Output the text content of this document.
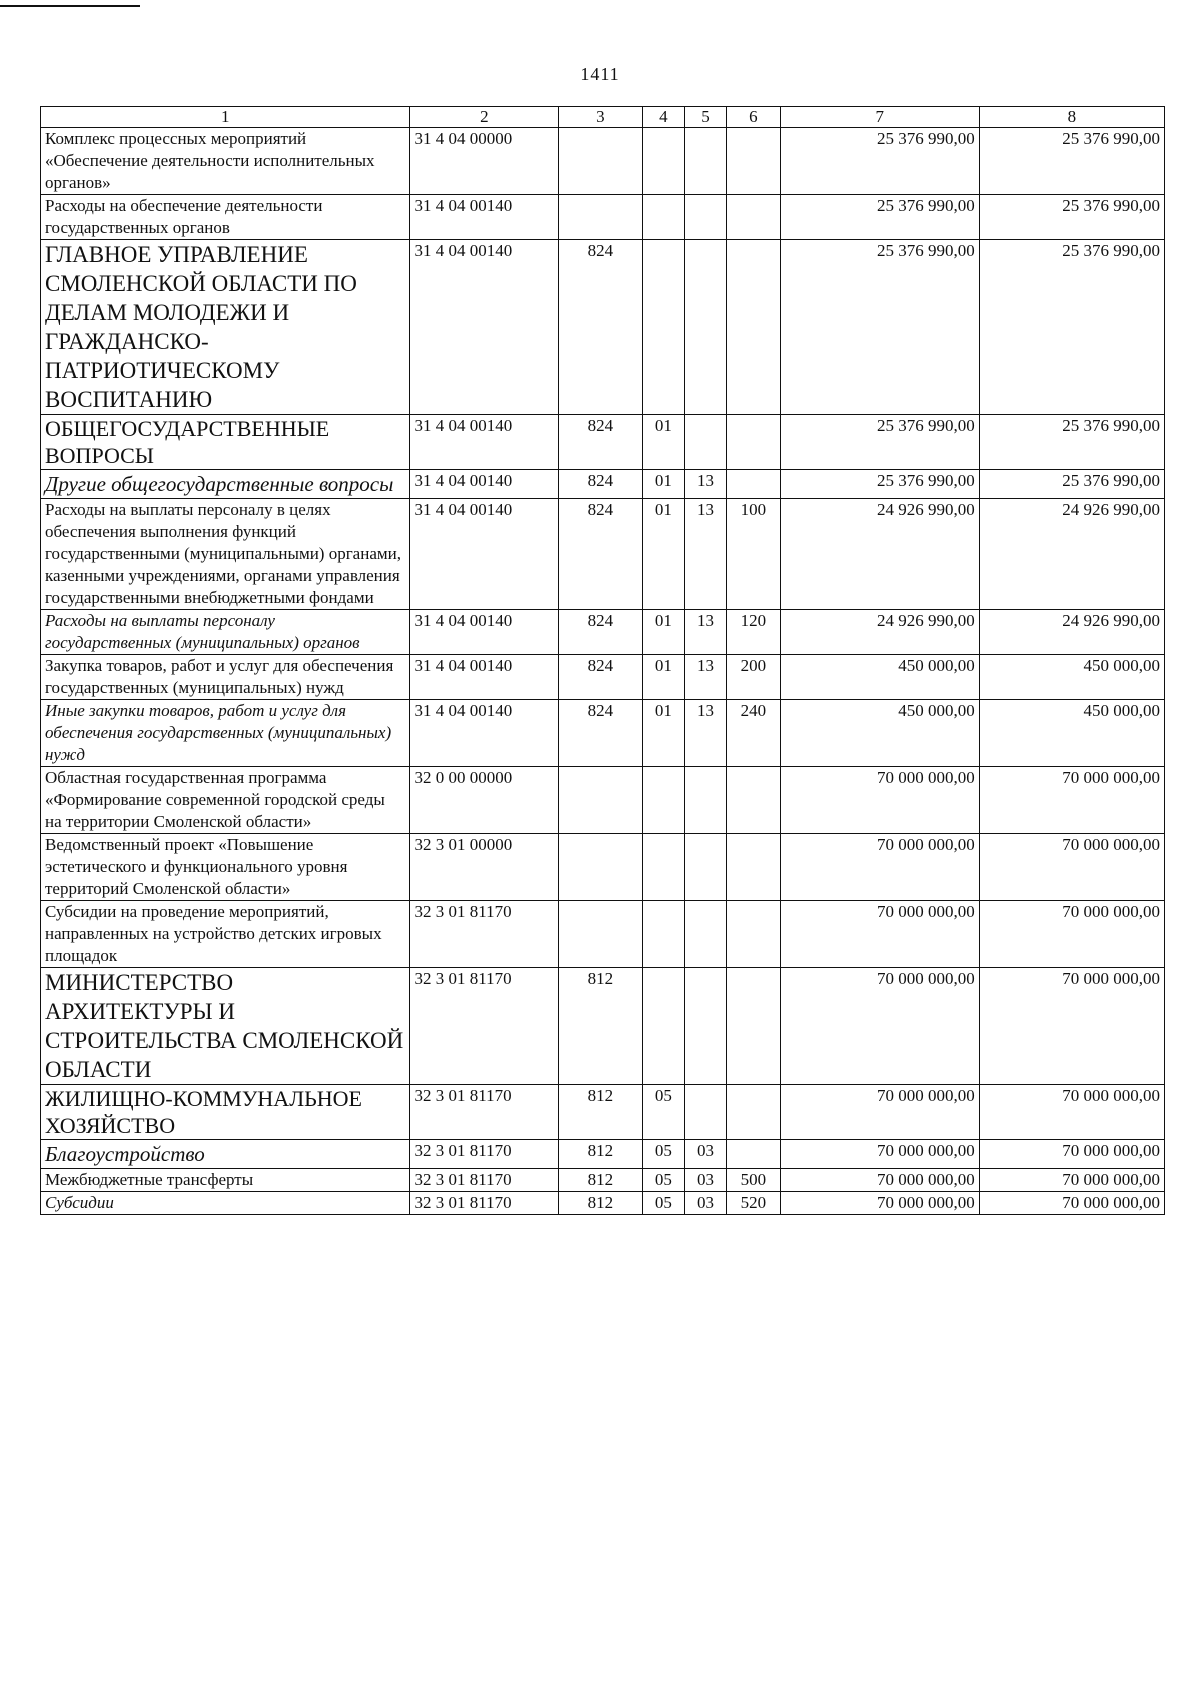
1411
1	2	3	4	5	6	7	8
Комплекс процессных мероприятий «Обеспечение деятельности исполнительных органов»	31 4 04 00000					25 376 990,00	25 376 990,00
Расходы на обеспечение деятельности государственных органов	31 4 04 00140					25 376 990,00	25 376 990,00
ГЛАВНОЕ УПРАВЛЕНИЕ СМОЛЕНСКОЙ ОБЛАСТИ ПО ДЕЛАМ МОЛОДЕЖИ И ГРАЖДАНСКО-ПАТРИОТИЧЕСКОМУ ВОСПИТАНИЮ	31 4 04 00140	824				25 376 990,00	25 376 990,00
ОБЩЕГОСУДАРСТВЕННЫЕ ВОПРОСЫ	31 4 04 00140	824	01			25 376 990,00	25 376 990,00
Другие общегосударственные вопросы	31 4 04 00140	824	01	13		25 376 990,00	25 376 990,00
Расходы на выплаты персоналу в целях обеспечения выполнения функций государственными (муниципальными) органами, казенными учреждениями, органами управления государственными внебюджетными фондами	31 4 04 00140	824	01	13	100	24 926 990,00	24 926 990,00
Расходы на выплаты персоналу государственных (муниципальных) органов	31 4 04 00140	824	01	13	120	24 926 990,00	24 926 990,00
Закупка товаров, работ и услуг для обеспечения государственных (муниципальных) нужд	31 4 04 00140	824	01	13	200	450 000,00	450 000,00
Иные закупки товаров, работ и услуг для обеспечения государственных (муниципальных) нужд	31 4 04 00140	824	01	13	240	450 000,00	450 000,00
Областная государственная программа «Формирование современной городской среды на территории Смоленской области»	32 0 00 00000					70 000 000,00	70 000 000,00
Ведомственный проект «Повышение эстетического и функционального уровня территорий Смоленской области»	32 3 01 00000					70 000 000,00	70 000 000,00
Субсидии на проведение мероприятий, направленных на устройство детских игровых площадок	32 3 01 81170					70 000 000,00	70 000 000,00
МИНИСТЕРСТВО АРХИТЕКТУРЫ И СТРОИТЕЛЬСТВА СМОЛЕНСКОЙ ОБЛАСТИ	32 3 01 81170	812				70 000 000,00	70 000 000,00
ЖИЛИЩНО-КОММУНАЛЬНОЕ ХОЗЯЙСТВО	32 3 01 81170	812	05			70 000 000,00	70 000 000,00
Благоустройство	32 3 01 81170	812	05	03		70 000 000,00	70 000 000,00
Межбюджетные трансферты	32 3 01 81170	812	05	03	500	70 000 000,00	70 000 000,00
Субсидии	32 3 01 81170	812	05	03	520	70 000 000,00	70 000 000,00
